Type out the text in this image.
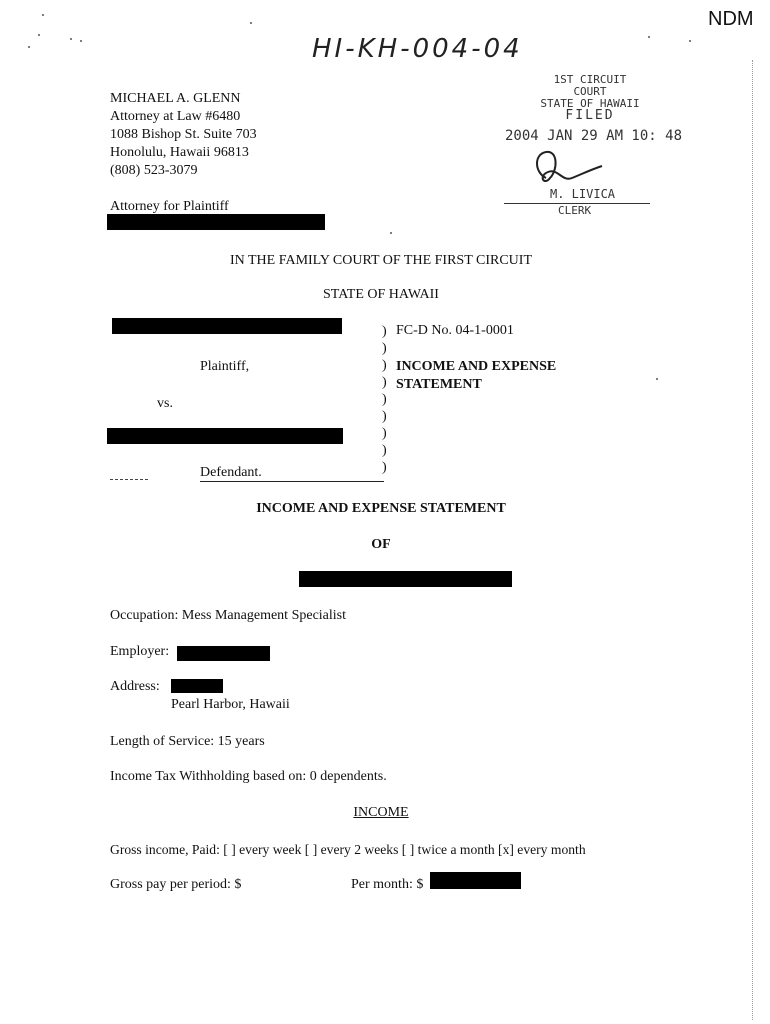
NDM
HI-KH-004-04
MICHAEL A. GLENN
Attorney at Law #6480
1088 Bishop St. Suite 703
Honolulu, Hawaii 96813
(808) 523-3079
Attorney for Plaintiff
1ST CIRCUIT COURT
STATE OF HAWAII
FILED
2004 JAN 29 AM 10: 48
M. LIVICA
CLERK
IN THE FAMILY COURT OF THE FIRST CIRCUIT
STATE OF HAWAII
Plaintiff,
vs.
Defendant.
)
)
)
)
)
)
)
)
)
FC-D No. 04-1-0001
INCOME AND EXPENSE
STATEMENT
INCOME AND EXPENSE STATEMENT
OF
Occupation: Mess Management Specialist
Employer:
Address:
Pearl Harbor, Hawaii
Length of Service: 15 years
Income Tax Withholding based on: 0 dependents.
INCOME
Gross income, Paid: [ ] every week [ ] every 2 weeks [ ] twice a month [x] every month
Gross pay per period: $	Per month: $
